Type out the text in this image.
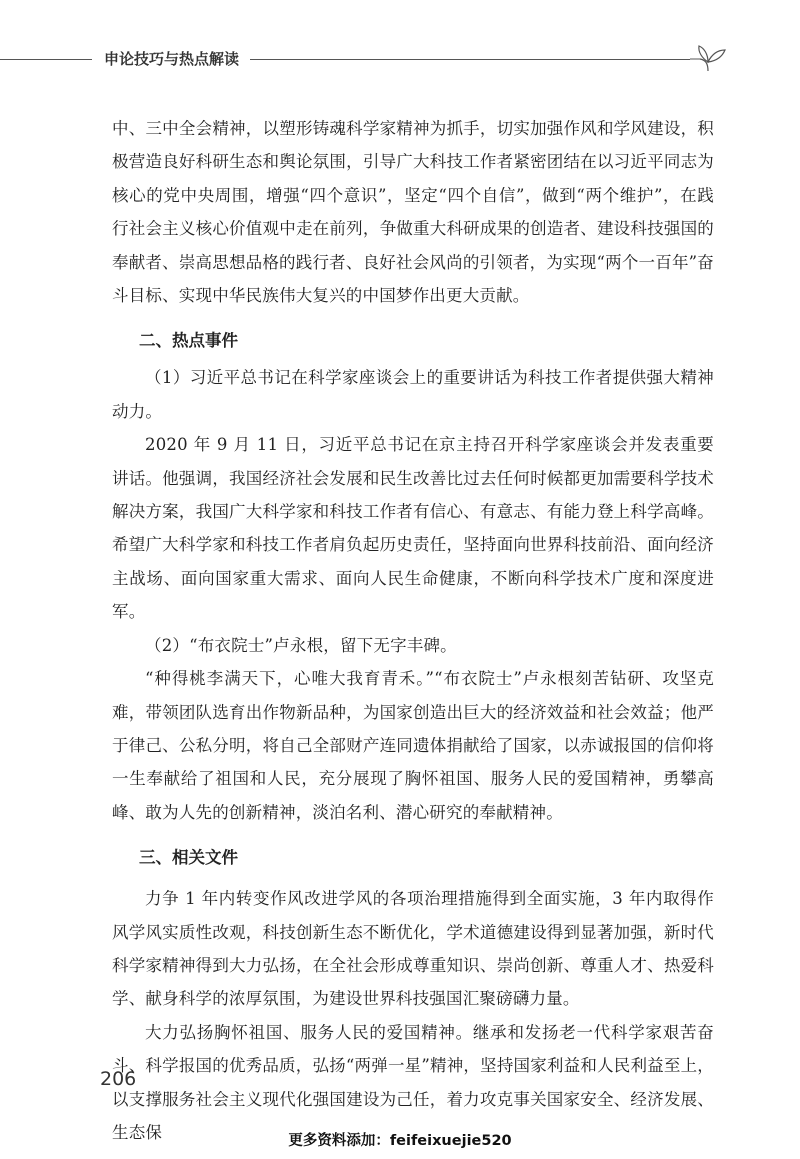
申论技巧与热点解读

中、三中全会精神，以塑形铸魂科学家精神为抓手，切实加强作风和学风建设，积极营造良好科研生态和舆论氛围，引导广大科技工作者紧密团结在以习近平同志为核心的党中央周围，增强“四个意识”，坚定“四个自信”，做到“两个维护”，在践行社会主义核心价值观中走在前列，争做重大科研成果的创造者、建设科技强国的奉献者、崇高思想品格的践行者、良好社会风尚的引领者，为实现“两个一百年”奋斗目标、实现中华民族伟大复兴的中国梦作出更大贡献。

二、热点事件

（1）习近平总书记在科学家座谈会上的重要讲话为科技工作者提供强大精神动力。

2020 年 9 月 11 日，习近平总书记在京主持召开科学家座谈会并发表重要讲话。他强调，我国经济社会发展和民生改善比过去任何时候都更加需要科学技术解决方案，我国广大科学家和科技工作者有信心、有意志、有能力登上科学高峰。希望广大科学家和科技工作者肩负起历史责任，坚持面向世界科技前沿、面向经济主战场、面向国家重大需求、面向人民生命健康，不断向科学技术广度和深度进军。

（2）“布衣院士”卢永根，留下无字丰碑。

“种得桃李满天下，心唯大我育青禾。”“布衣院士”卢永根刻苦钻研、攻坚克难，带领团队选育出作物新品种，为国家创造出巨大的经济效益和社会效益；他严于律己、公私分明，将自己全部财产连同遗体捐献给了国家，以赤诚报国的信仰将一生奉献给了祖国和人民，充分展现了胸怀祖国、服务人民的爱国精神，勇攀高峰、敢为人先的创新精神，淡泊名利、潜心研究的奉献精神。

三、相关文件

力争 1 年内转变作风改进学风的各项治理措施得到全面实施，3 年内取得作风学风实质性改观，科技创新生态不断优化，学术道德建设得到显著加强，新时代科学家精神得到大力弘扬，在全社会形成尊重知识、崇尚创新、尊重人才、热爱科学、献身科学的浓厚氛围，为建设世界科技强国汇聚磅礴力量。

大力弘扬胸怀祖国、服务人民的爱国精神。继承和发扬老一代科学家艰苦奋斗、科学报国的优秀品质，弘扬“两弹一星”精神，坚持国家利益和人民利益至上，以支撑服务社会主义现代化强国建设为己任，着力攻克事关国家安全、经济发展、生态保

206
更多资料添加：feifeixuejie520
